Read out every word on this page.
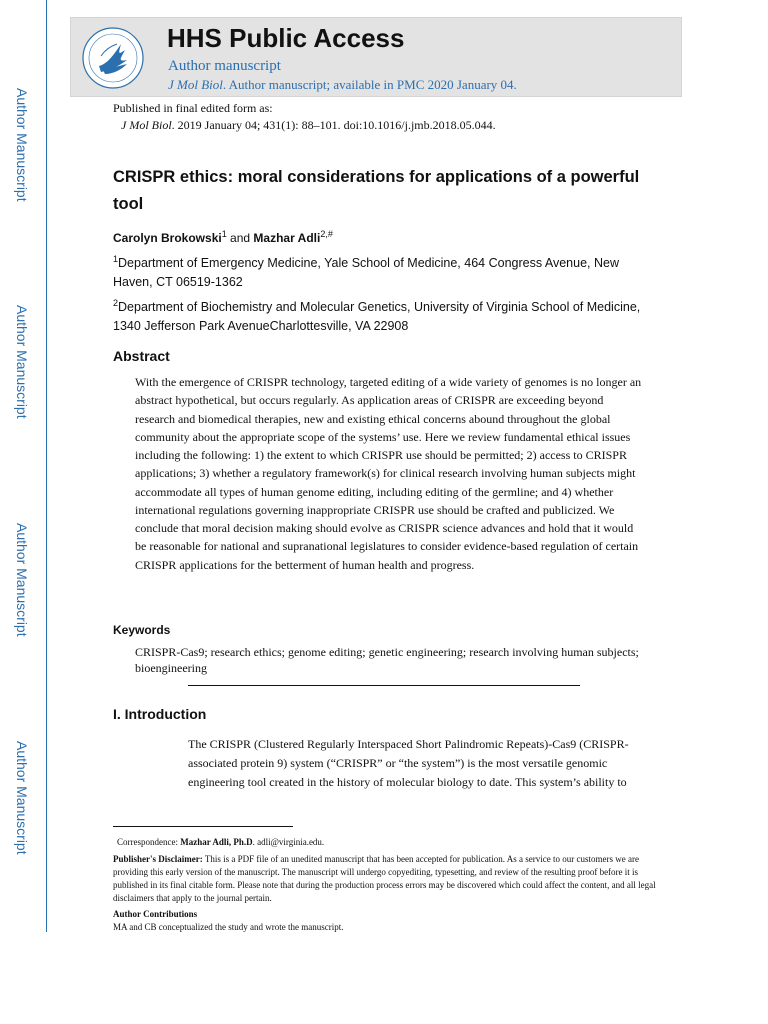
Author Manuscript
Author Manuscript
Author Manuscript
Author Manuscript
HHS Public Access
Author manuscript
J Mol Biol. Author manuscript; available in PMC 2020 January 04.
Published in final edited form as:
J Mol Biol. 2019 January 04; 431(1): 88–101. doi:10.1016/j.jmb.2018.05.044.
CRISPR ethics: moral considerations for applications of a powerful tool
Carolyn Brokowski$^1$ and Mazhar Adli$^{2,\#}$
$^1$Department of Emergency Medicine, Yale School of Medicine, 464 Congress Avenue, New Haven, CT 06519-1362
$^2$Department of Biochemistry and Molecular Genetics, University of Virginia School of Medicine, 1340 Jefferson Park AvenueCharlottesville, VA 22908
Abstract
With the emergence of CRISPR technology, targeted editing of a wide variety of genomes is no longer an abstract hypothetical, but occurs regularly. As application areas of CRISPR are exceeding beyond research and biomedical therapies, new and existing ethical concerns abound throughout the global community about the appropriate scope of the systems’ use. Here we review fundamental ethical issues including the following: 1) the extent to which CRISPR use should be permitted; 2) access to CRISPR applications; 3) whether a regulatory framework(s) for clinical research involving human subjects might accommodate all types of human genome editing, including editing of the germline; and 4) whether international regulations governing inappropriate CRISPR use should be crafted and publicized. We conclude that moral decision making should evolve as CRISPR science advances and hold that it would be reasonable for national and supranational legislatures to consider evidence-based regulation of certain CRISPR applications for the betterment of human health and progress.
Keywords
CRISPR-Cas9; research ethics; genome editing; genetic engineering; research involving human subjects; bioengineering
I. Introduction
The CRISPR (Clustered Regularly Interspaced Short Palindromic Repeats)-Cas9 (CRISPR-associated protein 9) system (“CRISPR” or “the system”) is the most versatile genomic engineering tool created in the history of molecular biology to date. This system’s ability to

Correspondence: Mazhar Adli, Ph.D. adli@virginia.edu.

Publisher's Disclaimer: This is a PDF file of an unedited manuscript that has been accepted for publication. As a service to our customers we are providing this early version of the manuscript. The manuscript will undergo copyediting, typesetting, and review of the resulting proof before it is published in its final citable form. Please note that during the production process errors may be discovered which could affect the content, and all legal disclaimers that apply to the journal pertain.

Author Contributions

MA and CB conceptualized the study and wrote the manuscript.
